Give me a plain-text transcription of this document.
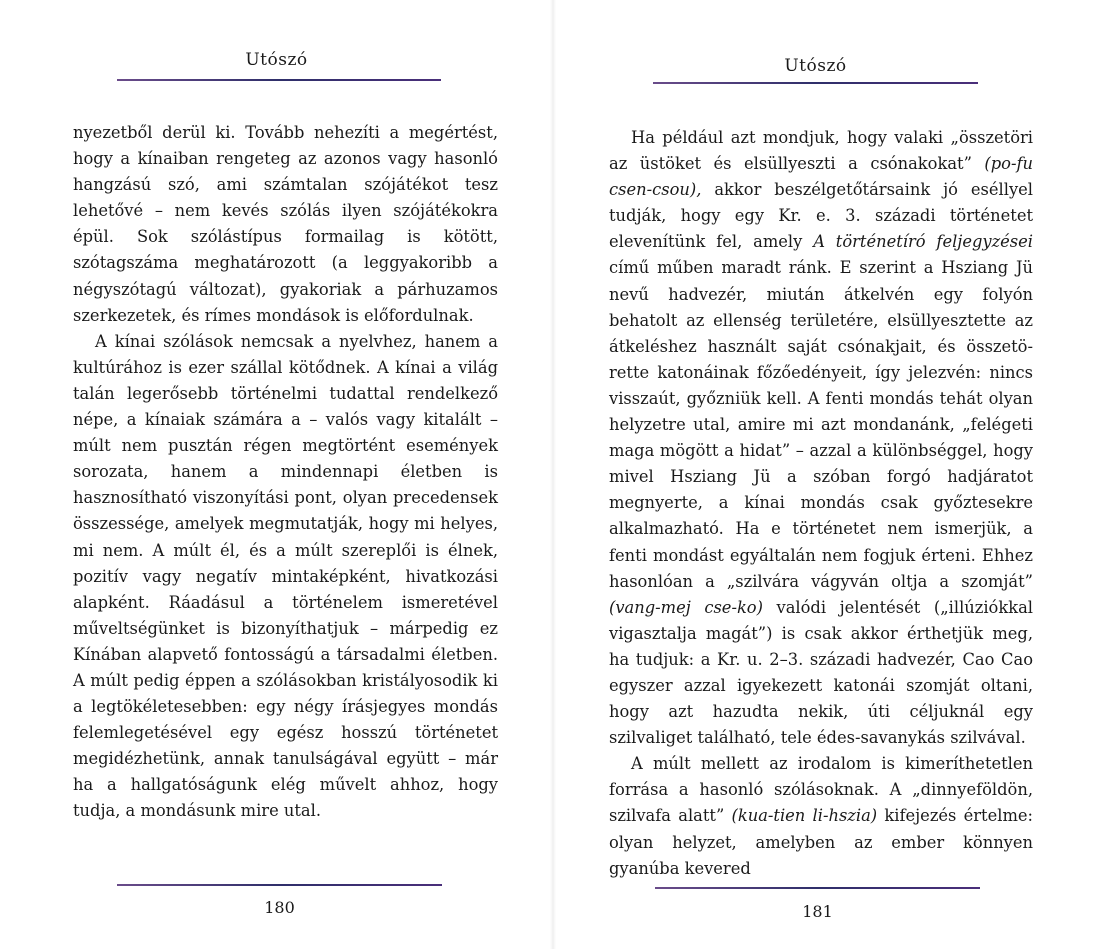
Utószó

nyezetből derül ki. Tovább nehezíti a megértést, hogy a kínaiban rengeteg az azonos vagy hasonló hangzású szó, ami számtalan szójátékot tesz lehetővé – nem kevés szólás ilyen szójátékokra épül. Sok szólástípus formailag is kötött, szótagszáma meghatározott (a leggyakoribb a négyszótagú változat), gyakoriak a párhuzamos szerkezetek, és rímes mondások is előfordulnak.

A kínai szólások nemcsak a nyelvhez, hanem a kultúrához is ezer szállal kötődnek. A kínai a világ talán legerősebb történelmi tudattal rendelkező népe, a kínaiak számára a – valós vagy kitalált – múlt nem pusztán régen megtörtént események sorozata, hanem a mindennapi életben is hasznosítható viszonyítási pont, olyan precedensek összessége, amelyek megmutatják, hogy mi helyes, mi nem. A múlt él, és a múlt szereplői is élnek, pozitív vagy negatív mintaképként, hivatkozási alapként. Ráadásul a történelem ismeretével műveltségünket is bizonyíthatjuk – márpedig ez Kínában alapvető fontosságú a társadalmi életben. A múlt pedig éppen a szólásokban kristályosodik ki a legtökéletesebben: egy négy írásjegyes mondás felemlegetésével egy egész hosszú történetet megidézhetünk, annak tanulságával együtt – már ha a hallgatóságunk elég művelt ahhoz, hogy tudja, a mondásunk mire utal.

180
Utószó

Ha például azt mondjuk, hogy valaki „összetöri az üstöket és elsüllyeszti a csónakokat” (po-fu csen-csou), akkor beszélgetőtársaink jó eséllyel tudják, hogy egy Kr. e. 3. századi történetet elevenítünk fel, amely A történetíró feljegyzései című műben maradt ránk. E szerint a Hsziang Jü nevű hadvezér, miután átkelvén egy folyón behatolt az ellenség területére, elsüllyesztette az átkeléshez használt saját csónakjait, és összetörette katonáinak főzőedényeit, így jelezvén: nincs visszaút, győzniük kell. A fenti mondás tehát olyan helyzetre utal, amire mi azt mondanánk, „felégeti maga mögött a hidat” – azzal a különbséggel, hogy mivel Hsziang Jü a szóban forgó hadjáratot megnyerte, a kínai mondás csak győztesekre alkalmazható. Ha e történetet nem ismerjük, a fenti mondást egyáltalán nem fogjuk érteni. Ehhez hasonlóan a „szilvára vágyván oltja a szomját” (vang-mej cse-ko) valódi jelentését („illúziókkal vigasztalja magát”) is csak akkor érthetjük meg, ha tudjuk: a Kr. u. 2–3. századi hadvezér, Cao Cao egyszer azzal igyekezett katonái szomját oltani, hogy azt hazudta nekik, úti céljuknál egy szilvaliget található, tele édes-savanykás szilvával.

A múlt mellett az irodalom is kimeríthetetlen forrása a hasonló szólásoknak. A „dinnyeföldön, szilvafa alatt” (kua-tien li-hszia) kifejezés értelme: olyan helyzet, amelyben az ember könnyen gyanúba kevered

181
